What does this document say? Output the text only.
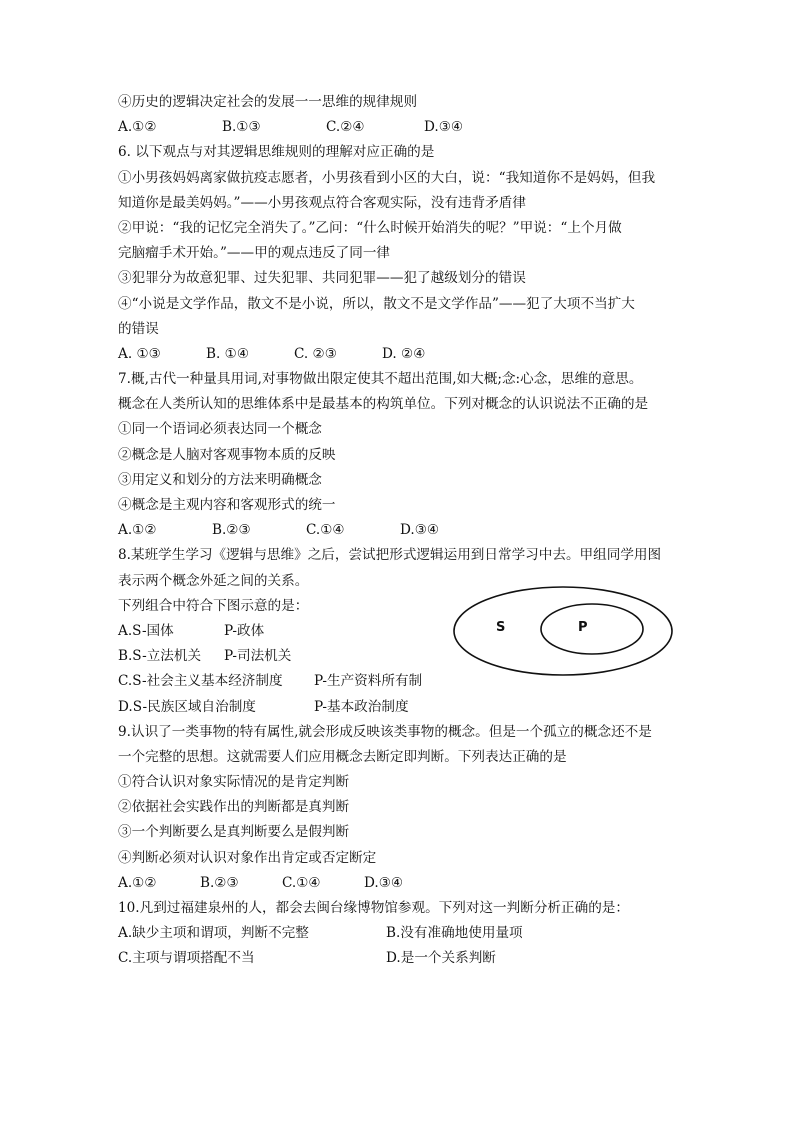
④历史的逻辑决定社会的发展一一思维的规律规则
A.①②	B.①③	C.②④	D.③④
6. 以下观点与对其逻辑思维规则的理解对应正确的是
①小男孩妈妈离家做抗疫志愿者，小男孩看到小区的大白，说：“我知道你不是妈妈，但我
知道你是最美妈妈。”——小男孩观点符合客观实际，没有违背矛盾律
②甲说：“我的记忆完全消失了。”乙问：“什么时候开始消失的呢？”甲说：“上个月做
完脑瘤手术开始。”——甲的观点违反了同一律
③犯罪分为故意犯罪、过失犯罪、共同犯罪——犯了越级划分的错误
④“小说是文学作品，散文不是小说，所以，散文不是文学作品”——犯了大项不当扩大
的错误
A. ①③	B. ①④	C. ②③	D. ②④
7.概,古代一种量具用词,对事物做出限定使其不超出范围,如大概;念:心念，思维的意思。
概念在人类所认知的思维体系中是最基本的构筑单位。下列对概念的认识说法不正确的是
①同一个语词必须表达同一个概念
②概念是人脑对客观事物本质的反映
③用定义和划分的方法来明确概念
④概念是主观内容和客观形式的统一
A.①②	B.②③	C.①④	D.③④
8.某班学生学习《逻辑与思维》之后，尝试把形式逻辑运用到日常学习中去。甲组同学用图
表示两个概念外延之间的关系。
下列组合中符合下图示意的是：
A.S-国体	P-政体
B.S-立法机关 P-司法机关
C.S-社会主义基本经济制度 P-生产资料所有制
D.S-民族区域自治制度	P-基本政治制度
9.认识了一类事物的特有属性,就会形成反映该类事物的概念。但是一个孤立的概念还不是
一个完整的思想。这就需要人们应用概念去断定即判断。下列表达正确的是
①符合认识对象实际情况的是肯定判断
②依据社会实践作出的判断都是真判断
③一个判断要么是真判断要么是假判断
④判断必须对认识对象作出肯定或否定断定
A.①②	B.②③	C.①④	D.③④
10.凡到过福建泉州的人，都会去闽台缘博物馆参观。下列对这一判断分析正确的是：
A.缺少主项和谓项，判断不完整	B.没有准确地使用量项
C.主项与谓项搭配不当	D.是一个关系判断
S	P
